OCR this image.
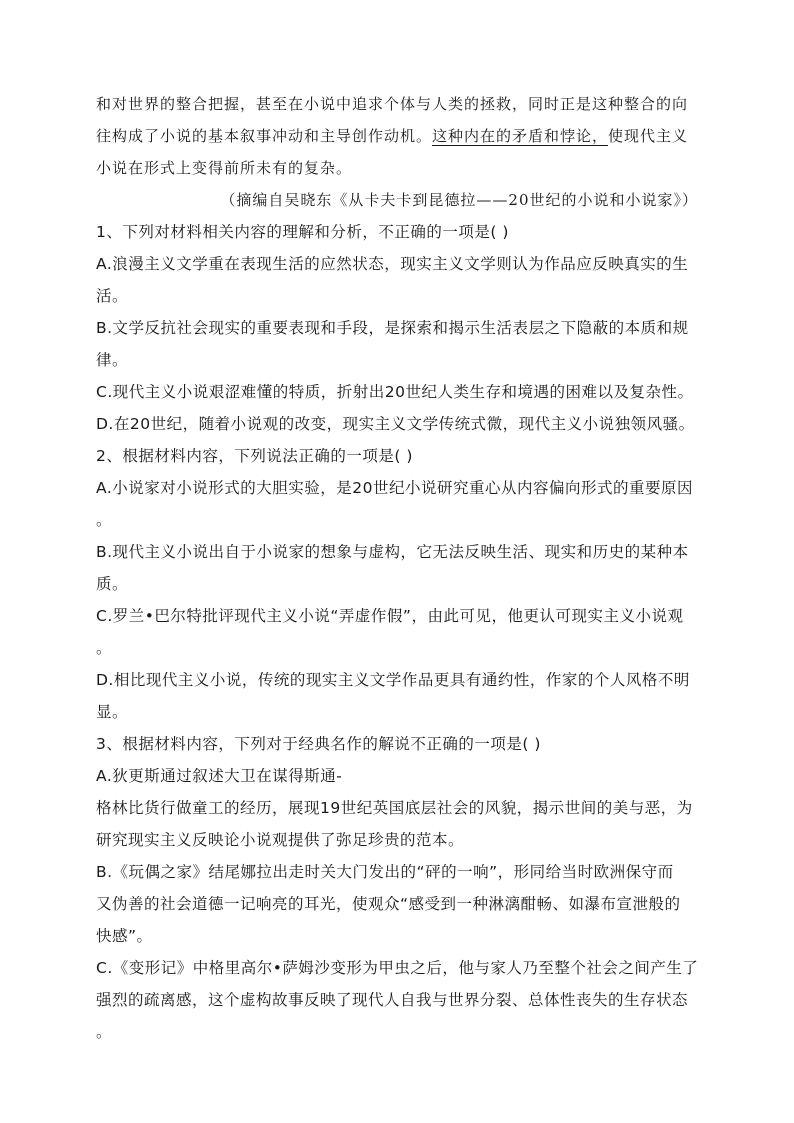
和对世界的整合把握，甚至在小说中追求个体与人类的拯救，同时正是这种整合的向
往构成了小说的基本叙事冲动和主导创作动机。这种内在的矛盾和悖论，使现代主义
小说在形式上变得前所未有的复杂。
（摘编自吴晓东《从卡夫卡到昆德拉——20世纪的小说和小说家》）
1、下列对材料相关内容的理解和分析，不正确的一项是( )
A.浪漫主义文学重在表现生活的应然状态，现实主义文学则认为作品应反映真实的生
活。
B.文学反抗社会现实的重要表现和手段，是探索和揭示生活表层之下隐蔽的本质和规
律。
C.现代主义小说艰涩难懂的特质，折射出20世纪人类生存和境遇的困难以及复杂性。
D.在20世纪，随着小说观的改变，现实主义文学传统式微，现代主义小说独领风骚。
2、根据材料内容，下列说法正确的一项是( )
A.小说家对小说形式的大胆实验，是20世纪小说研究重心从内容偏向形式的重要原因
。
B.现代主义小说出自于小说家的想象与虚构，它无法反映生活、现实和历史的某种本
质。
C.罗兰•巴尔特批评现代主义小说“弄虚作假”，由此可见，他更认可现实主义小说观
。
D.相比现代主义小说，传统的现实主义文学作品更具有通约性，作家的个人风格不明
显。
3、根据材料内容，下列对于经典名作的解说不正确的一项是( )
A.狄更斯通过叙述大卫在谋得斯通-
格林比货行做童工的经历，展现19世纪英国底层社会的风貌，揭示世间的美与恶，为
研究现实主义反映论小说观提供了弥足珍贵的范本。
B.《玩偶之家》结尾娜拉出走时关大门发出的“砰的一响”，形同给当时欧洲保守而
又伪善的社会道德一记响亮的耳光，使观众“感受到一种淋漓酣畅、如瀑布宣泄般的
快感”。
C.《变形记》中格里高尔•萨姆沙变形为甲虫之后，他与家人乃至整个社会之间产生了
强烈的疏离感，这个虚构故事反映了现代人自我与世界分裂、总体性丧失的生存状态
。
